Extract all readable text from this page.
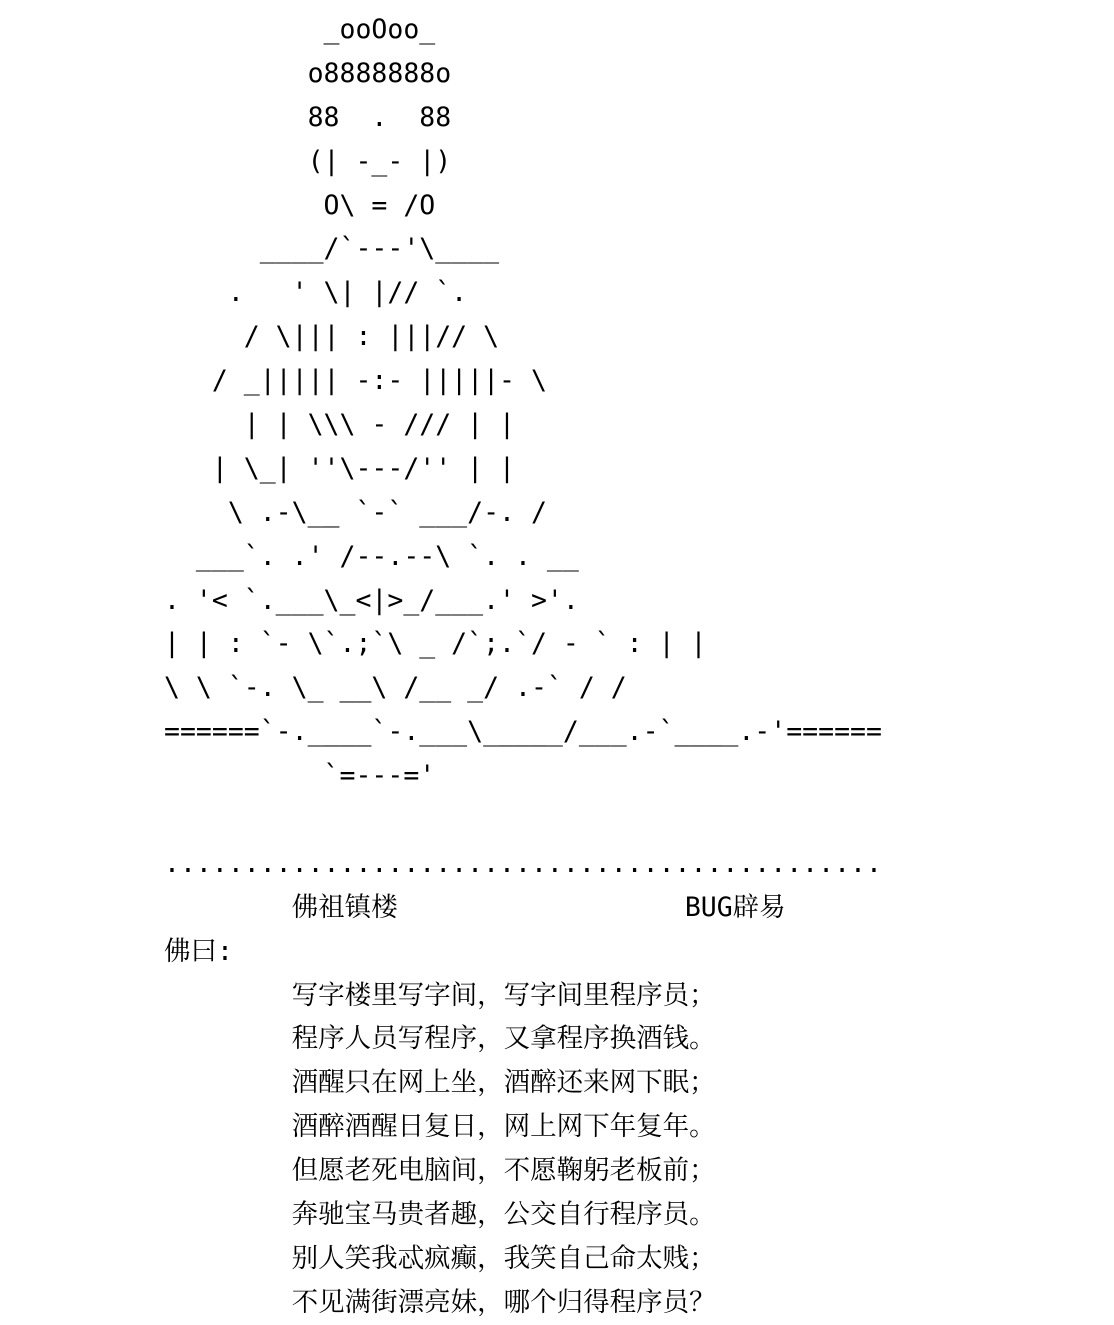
_ooOoo_
o8888888o
88  .  88
(| -_- |)
O\ = /O
____/`---'\____
.   ' \| |// `.
/ \||| : |||// \
/ _||||| -:- |||||- \
| | \\\ - /// | |
| \_| ''\---/'' | |
\ .-\__ `-` ___/-. /
___`. .' /--.--\ `. . __
. '< `.___\_<|>_/___.' >'.
| | : `- \`.;`\ _ /`;.`/ - ` : | |
\ \ `-. \_ __\ /__ _/ .-` / /
======`-.____`-.___\_____/___.-`____.-'======
`=---='
.............................................
佛祖镇楼                  BUG辟易
佛曰:
写字楼里写字间，写字间里程序员；
程序人员写程序，又拿程序换酒钱。
酒醒只在网上坐，酒醉还来网下眠；
酒醉酒醒日复日，网上网下年复年。
但愿老死电脑间，不愿鞠躬老板前；
奔驰宝马贵者趣，公交自行程序员。
别人笑我忒疯癫，我笑自己命太贱；
不见满街漂亮妹，哪个归得程序员？
